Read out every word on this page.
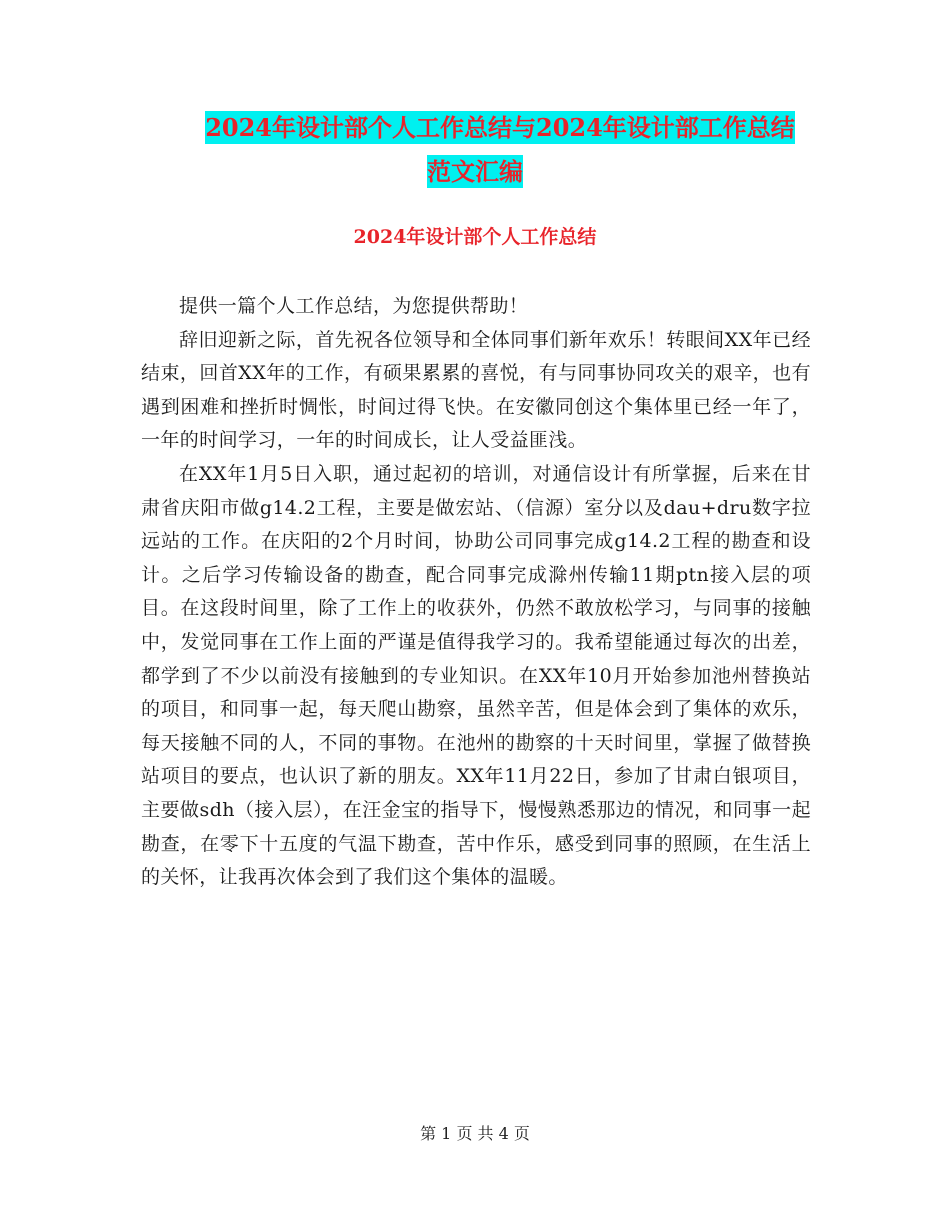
2024年设计部个人工作总结与2024年设计部工作总结
范文汇编
2024年设计部个人工作总结

提供一篇个人工作总结，为您提供帮助！

辞旧迎新之际，首先祝各位领导和全体同事们新年欢乐！转眼间XX年已经结束，回首XX年的工作，有硕果累累的喜悦，有与同事协同攻关的艰辛，也有遇到困难和挫折时惆怅，时间过得飞快。在安徽同创这个集体里已经一年了，一年的时间学习，一年的时间成长，让人受益匪浅。

在XX年1月5日入职，通过起初的培训，对通信设计有所掌握，后来在甘肃省庆阳市做g14.2工程，主要是做宏站、（信源）室分以及dau+dru数字拉远站的工作。在庆阳的2个月时间，协助公司同事完成g14.2工程的勘查和设计。之后学习传输设备的勘查，配合同事完成滁州传输11期ptn接入层的项目。在这段时间里，除了工作上的收获外，仍然不敢放松学习，与同事的接触中，发觉同事在工作上面的严谨是值得我学习的。我希望能通过每次的出差，都学到了不少以前没有接触到的专业知识。在XX年10月开始参加池州替换站的项目，和同事一起，每天爬山勘察，虽然辛苦，但是体会到了集体的欢乐，每天接触不同的人，不同的事物。在池州的勘察的十天时间里，掌握了做替换站项目的要点，也认识了新的朋友。XX年11月22日，参加了甘肃白银项目，主要做sdh（接入层），在汪金宝的指导下，慢慢熟悉那边的情况，和同事一起勘查，在零下十五度的气温下勘查，苦中作乐，感受到同事的照顾，在生活上的关怀，让我再次体会到了我们这个集体的温暖。

第 1 页 共 4 页
